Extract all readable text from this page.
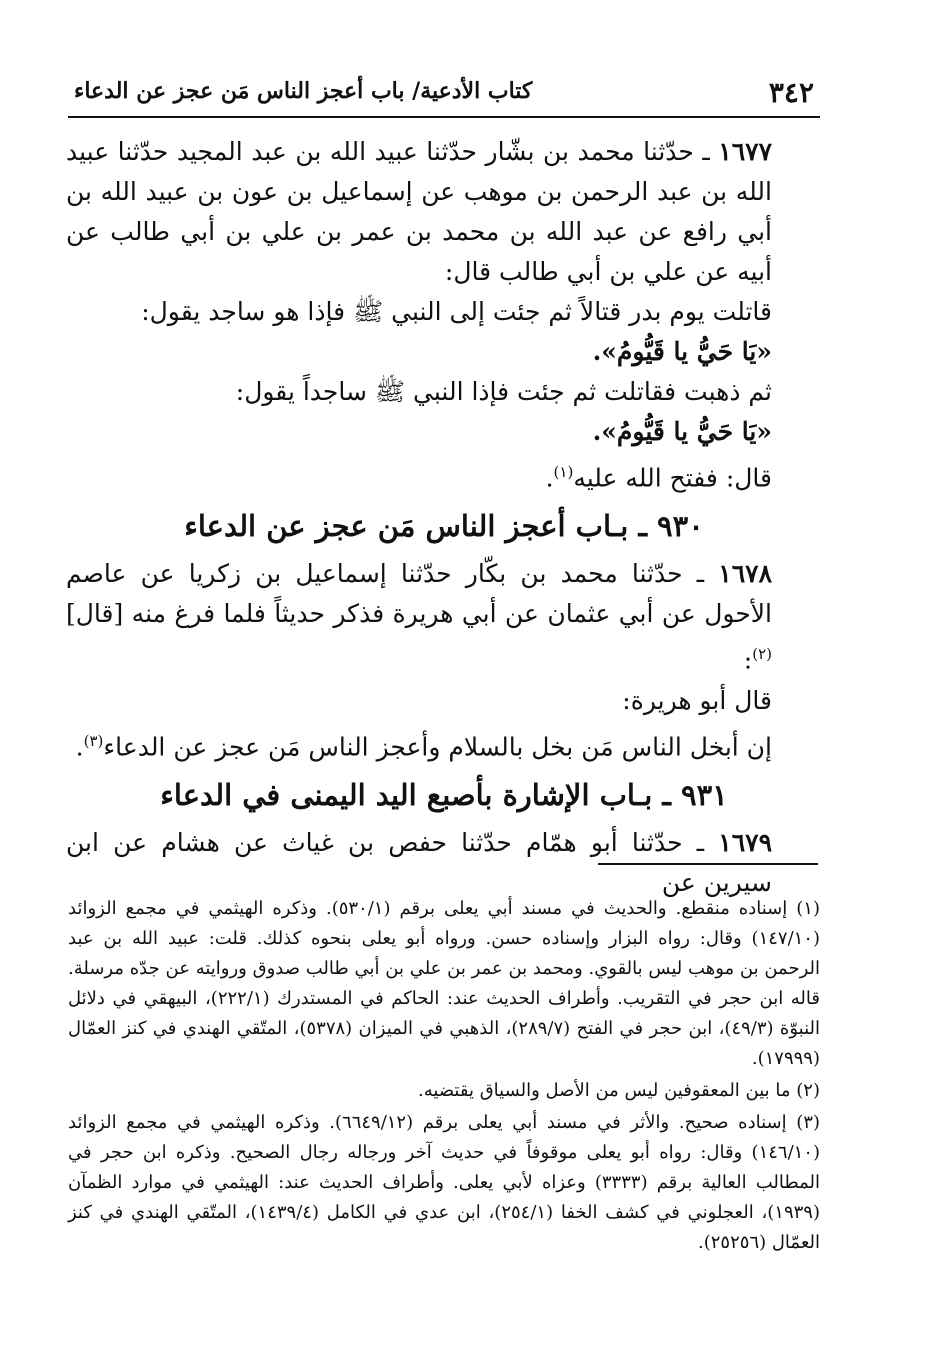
٣٤٢
كتاب الأدعية/ باب أعجز الناس مَن عجز عن الدعاء

١٦٧٧ ـ حدّثنا محمد بن بشّار حدّثنا عبيد الله بن عبد المجيد حدّثنا عبيد الله بن عبد الرحمن بن موهب عن إسماعيل بن عون بن عبيد الله بن أبي رافع عن عبد الله بن محمد بن عمر بن علي بن أبي طالب عن أبيه عن علي بن أبي طالب قال:

قاتلت يوم بدر قتالاً ثم جئت إلى النبي ﷺ فإذا هو ساجد يقول:

«يَا حَيُّ يا قَيُّومُ».

ثم ذهبت فقاتلت ثم جئت فإذا النبي ﷺ ساجداً يقول:

«يَا حَيُّ يا قَيُّومُ».

قال: ففتح الله عليه$^{(١)}$.

٩٣٠ ـ بـاب أعجز الناس مَن عجز عن الدعاء

١٦٧٨ ـ حدّثنا محمد بن بكّار حدّثنا إسماعيل بن زكريا عن عاصم الأحول عن أبي عثمان عن أبي هريرة فذكر حديثاً فلما فرغ منه [قال]$^{(٢)}$:

قال أبو هريرة:

إن أبخل الناس مَن بخل بالسلام وأعجز الناس مَن عجز عن الدعاء$^{(٣)}$.

٩٣١ ـ بـاب الإشارة بأصبع اليد اليمنى في الدعاء

١٦٧٩ ـ حدّثنا أبو همّام حدّثنا حفص بن غياث عن هشام عن ابن سيرين عن

(١) إسناده منقطع. والحديث في مسند أبي يعلى برقم (٥٣٠/١). وذكره الهيثمي في مجمع الزوائد (١٤٧/١٠) وقال: رواه البزار وإسناده حسن. ورواه أبو يعلى بنحوه كذلك. قلت: عبيد الله بن عبد الرحمن بن موهب ليس بالقوي. ومحمد بن عمر بن علي بن أبي طالب صدوق وروايته عن جدّه مرسلة. قاله ابن حجر في التقريب. وأطراف الحديث عند: الحاكم في المستدرك (٢٢٢/١)، البيهقي في دلائل النبوّة (٤٩/٣)، ابن حجر في الفتح (٢٨٩/٧)، الذهبي في الميزان (٥٣٧٨)، المتّقي الهندي في كنز العمّال (١٧٩٩٩).

(٢) ما بين المعقوفين ليس من الأصل والسياق يقتضيه.

(٣) إسناده صحيح. والأثر في مسند أبي يعلى برقم (٦٦٤٩/١٢). وذكره الهيثمي في مجمع الزوائد (١٤٦/١٠) وقال: رواه أبو يعلى موقوفاً في حديث آخر ورجاله رجال الصحيح. وذكره ابن حجر في المطالب العالية برقم (٣٣٣٣) وعزاه لأبي يعلى. وأطراف الحديث عند: الهيثمي في موارد الظمآن (١٩٣٩)، العجلوني في كشف الخفا (٢٥٤/١)، ابن عدي في الكامل (١٤٣٩/٤)، المتّقي الهندي في كنز العمّال (٢٥٢٥٦).
